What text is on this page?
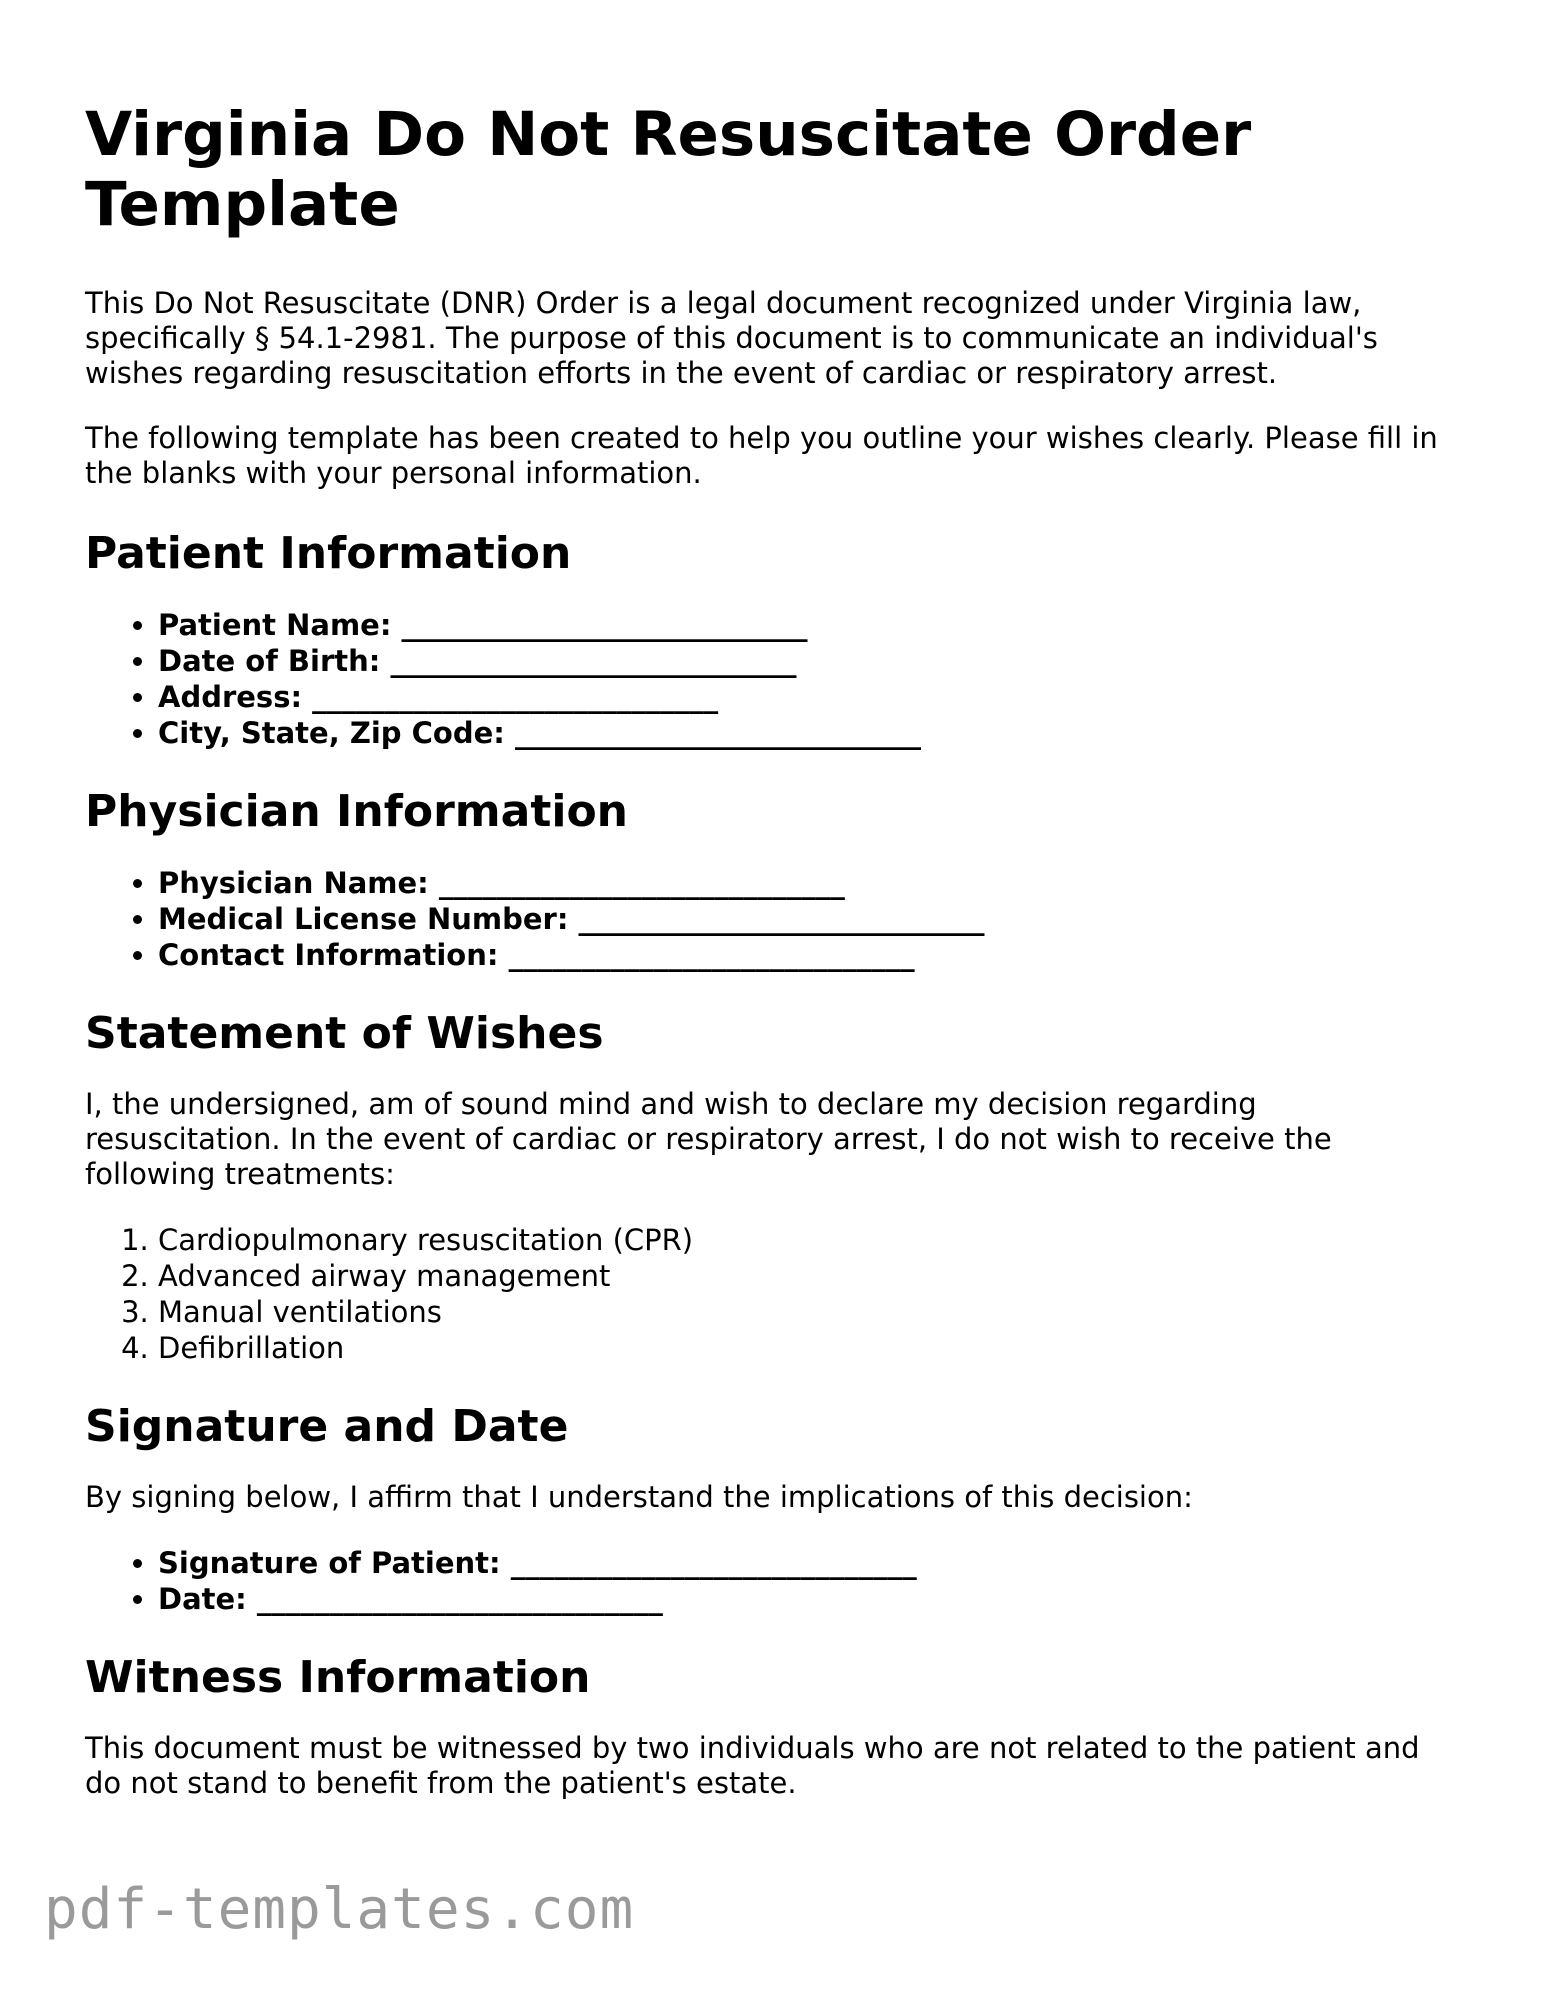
Virginia Do Not Resuscitate Order Template

This Do Not Resuscitate (DNR) Order is a legal document recognized under Virginia law, specifically § 54.1-2981. The purpose of this document is to communicate an individual's wishes regarding resuscitation efforts in the event of cardiac or respiratory arrest.

The following template has been created to help you outline your wishes clearly. Please fill in the blanks with your personal information.

Patient Information
• Patient Name: ____________________________
• Date of Birth: ____________________________
• Address: ____________________________
• City, State, Zip Code: ____________________________
Physician Information
• Physician Name: ____________________________
• Medical License Number: ____________________________
• Contact Information: ____________________________
Statement of Wishes

I, the undersigned, am of sound mind and wish to declare my decision regarding resuscitation. In the event of cardiac or respiratory arrest, I do not wish to receive the following treatments:

1. Cardiopulmonary resuscitation (CPR)
2. Advanced airway management
3. Manual ventilations
4. Defibrillation
Signature and Date

By signing below, I affirm that I understand the implications of this decision:

• Signature of Patient: ____________________________
• Date: ____________________________
Witness Information

This document must be witnessed by two individuals who are not related to the patient and do not stand to benefit from the patient's estate.

pdf-templates.com
